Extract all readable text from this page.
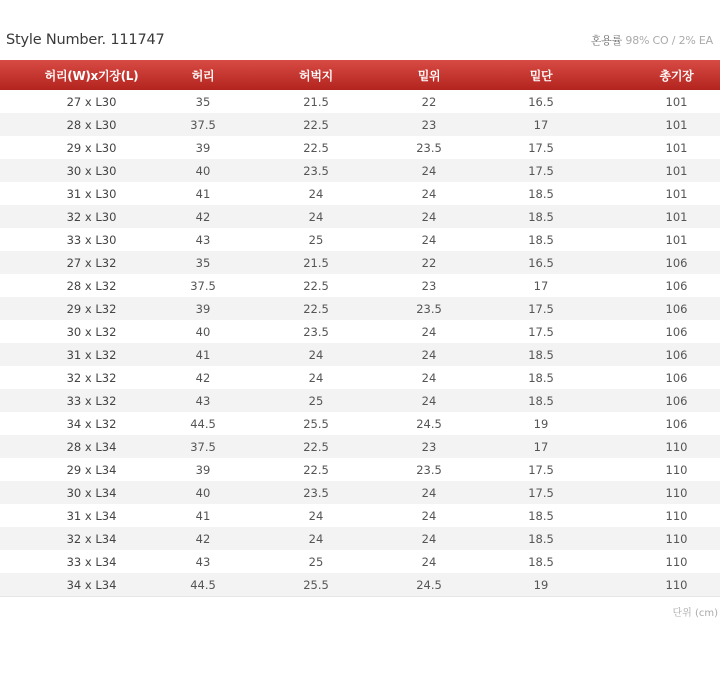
Style Number. 111747	혼용률 98% CO / 2% EA
허리(W)x기장(L)	허리	허벅지	밑위	밑단	총기장
27 x L30	35	21.5	22	16.5	101
28 x L30	37.5	22.5	23	17	101
29 x L30	39	22.5	23.5	17.5	101
30 x L30	40	23.5	24	17.5	101
31 x L30	41	24	24	18.5	101
32 x L30	42	24	24	18.5	101
33 x L30	43	25	24	18.5	101
27 x L32	35	21.5	22	16.5	106
28 x L32	37.5	22.5	23	17	106
29 x L32	39	22.5	23.5	17.5	106
30 x L32	40	23.5	24	17.5	106
31 x L32	41	24	24	18.5	106
32 x L32	42	24	24	18.5	106
33 x L32	43	25	24	18.5	106
34 x L32	44.5	25.5	24.5	19	106
28 x L34	37.5	22.5	23	17	110
29 x L34	39	22.5	23.5	17.5	110
30 x L34	40	23.5	24	17.5	110
31 x L34	41	24	24	18.5	110
32 x L34	42	24	24	18.5	110
33 x L34	43	25	24	18.5	110
34 x L34	44.5	25.5	24.5	19	110
단위 (cm)
